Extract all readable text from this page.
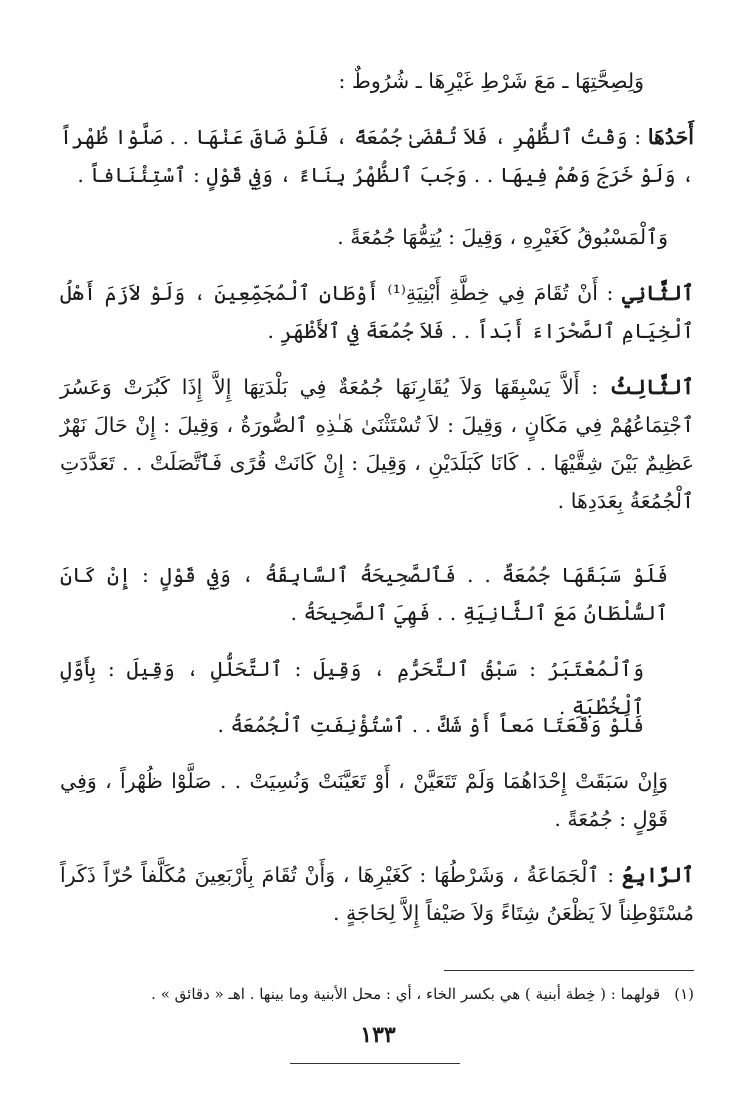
وَلِصِحَّتِهَا ـ مَعَ شَرْطِ غَيْرِهَا ـ شُرُوطٌ :

أَحَدُهَا : وَقْتُ ٱلظُّهْرِ ، فَلاَ تُقْضَىٰ جُمُعَةً ، فَلَوْ ضَاقَ عَنْهَا . . صَلَّوْا ظُهْراً ، وَلَوْ خَرَجَ وَهُمْ فِيهَا . . وَجَبَ ٱلظُّهْرُ بِنَاءً ، وَفِي قَوْلٍ : ٱسْتِئْنَافاً .

وَٱلْمَسْبُوقُ كَغَيْرِهِ ، وَقِيلَ : يُتِمُّهَا جُمُعَةً .

ٱلثَّانِي : أَنْ تُقَامَ فِي خِطَّةِ أَبْنِيَةِ⁽¹⁾ أَوْطَانِ ٱلْمُجَمِّعِينَ ، وَلَوْ لاَزَمَ أَهْلُ ٱلْخِيَامِ ٱلصَّحْرَاءَ أَبَداً . . فَلاَ جُمُعَةَ فِي ٱلأَظْهَرِ .

ٱلثَّالِثُ : أَلاَّ يَسْبِقَهَا وَلاَ يُقَارِنَهَا جُمُعَةٌ فِي بَلْدَتِهَا إِلاَّ إِذَا كَبُرَتْ وَعَسُرَ ٱجْتِمَاعُهُمْ فِي مَكَانٍ ، وَقِيلَ : لاَ تُسْتَثْنَىٰ هَـٰذِهِ ٱلصُّورَةُ ، وَقِيلَ : إِنْ حَالَ نَهْرٌ عَظِيمٌ بَيْنَ شِقَّيْهَا . . كَانَا كَبَلَدَيْنِ ، وَقِيلَ : إِنْ كَانَتْ قُرًى فَٱتَّصَلَتْ . . تَعَدَّدَتِ ٱلْجُمُعَةُ بِعَدَدِهَا .

فَلَوْ سَبَقَهَا جُمُعَةٌ . . فَٱلصَّحِيحَةُ ٱلسَّابِقَةُ ، وَفِي قَوْلٍ : إِنْ كَانَ ٱلسُّلْطَانُ مَعَ ٱلثَّانِيَةِ . . فَهِيَ ٱلصَّحِيحَةُ .

وَٱلْمُعْتَبَرُ : سَبْقُ ٱلتَّحَرُّمِ ، وَقِيلَ : ٱلتَّحَلُّلِ ، وَقِيلَ : بِأَوَّلِ ٱلْخُطْبَةِ .

فَلَوْ وَقَعَتَا مَعاً أَوْ شَكَّ . . ٱسْتُؤْنِفَتِ ٱلْجُمُعَةُ .

وَإِنْ سَبَقَتْ إِحْدَاهُمَا وَلَمْ تَتَعَيَّنْ ، أَوْ تَعَيَّنَتْ وَنُسِيَتْ . . صَلَّوْا ظُهْراً ، وَفِي قَوْلٍ : جُمُعَةً .

ٱلرَّابِعُ : ٱلْجَمَاعَةُ ، وَشَرْطُهَا : كَغَيْرِهَا ، وَأَنْ تُقَامَ بِأَرْبَعِينَ مُكَلَّفاً حُرّاً ذَكَراً مُسْتَوْطِناً لاَ يَظْعَنُ شِتَاءً وَلاَ صَيْفاً إِلاَّ لِحَاجَةٍ .

(١)قولهما : ( خِطة أبنية ) هي بكسر الخاء ، أي : محل الأبنية وما بينها . اهـ « دقائق » .

١٣٣
